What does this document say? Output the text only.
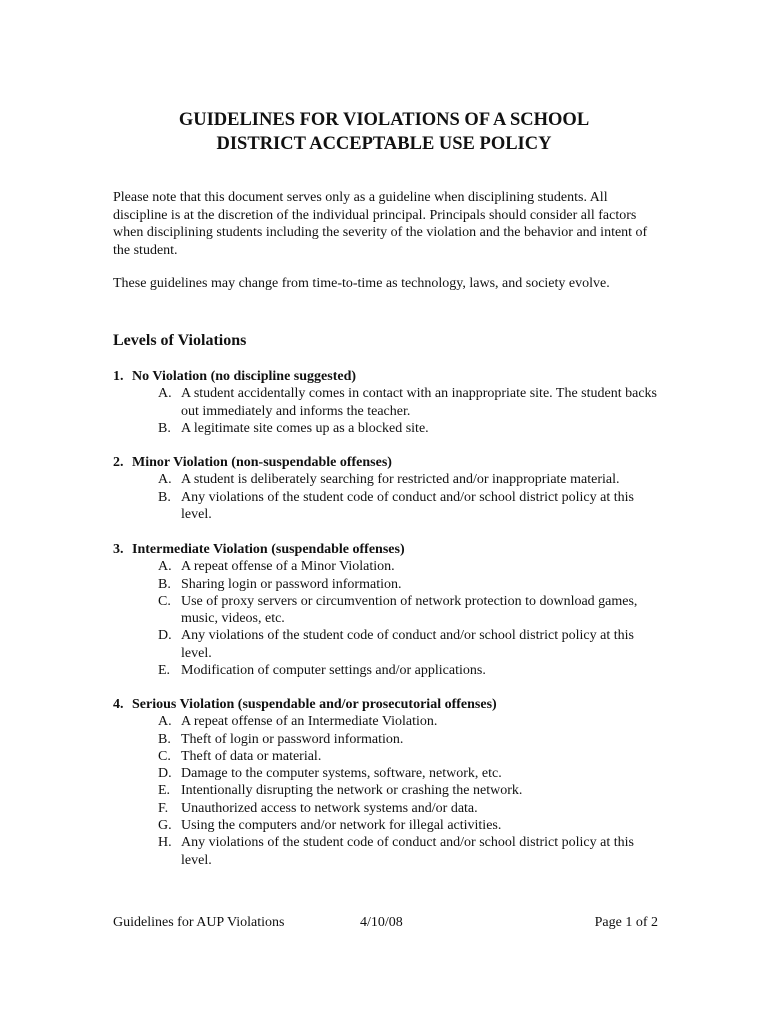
GUIDELINES FOR VIOLATIONS OF A SCHOOL
DISTRICT ACCEPTABLE USE POLICY

Please note that this document serves only as a guideline when disciplining students. All discipline is at the discretion of the individual principal. Principals should consider all factors when disciplining students including the severity of the violation and the behavior and intent of the student.

These guidelines may change from time-to-time as technology, laws, and society evolve.

Levels of Violations
1. No Violation (no discipline suggested)
A. A student accidentally comes in contact with an inappropriate site. The student backs out immediately and informs the teacher.
B. A legitimate site comes up as a blocked site.
2. Minor Violation (non-suspendable offenses)
A. A student is deliberately searching for restricted and/or inappropriate material.
B. Any violations of the student code of conduct and/or school district policy at this level.
3. Intermediate Violation (suspendable offenses)
A. A repeat offense of a Minor Violation.
B. Sharing login or password information.
C. Use of proxy servers or circumvention of network protection to download games, music, videos, etc.
D. Any violations of the student code of conduct and/or school district policy at this level.
E. Modification of computer settings and/or applications.
4. Serious Violation (suspendable and/or prosecutorial offenses)
A. A repeat offense of an Intermediate Violation.
B. Theft of login or password information.
C. Theft of data or material.
D. Damage to the computer systems, software, network, etc.
E. Intentionally disrupting the network or crashing the network.
F. Unauthorized access to network systems and/or data.
G. Using the computers and/or network for illegal activities.
H. Any violations of the student code of conduct and/or school district policy at this level.
Guidelines for AUP Violations	4/10/08	Page 1 of 2
